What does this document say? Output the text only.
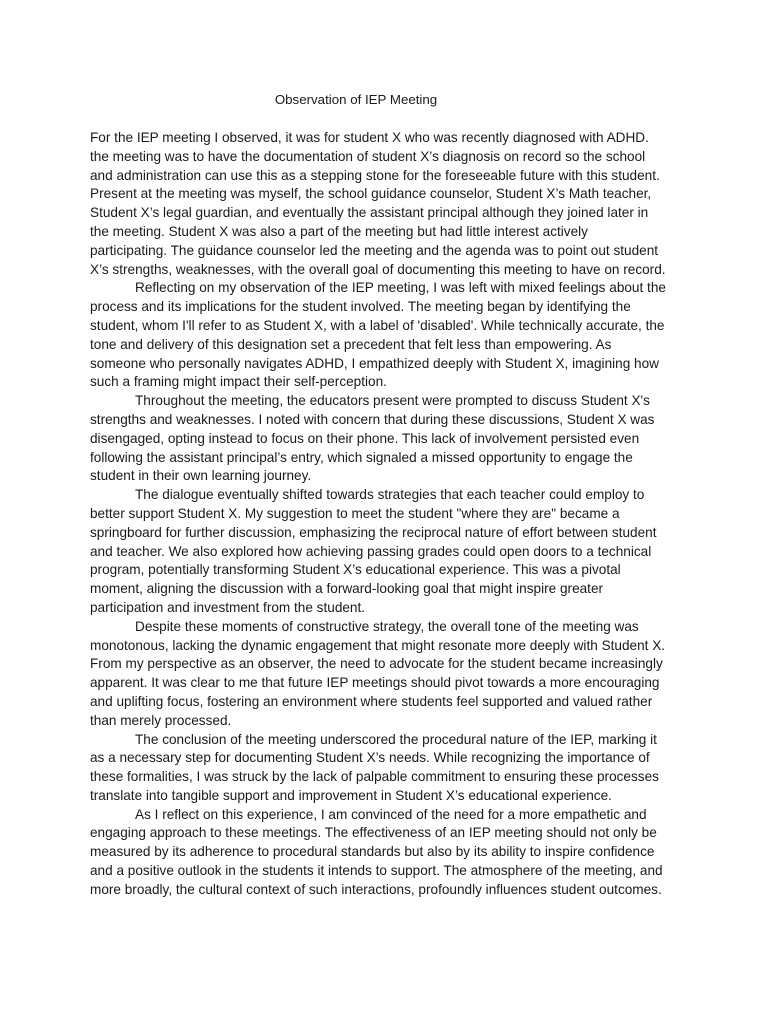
Observation of IEP Meeting
For the IEP meeting I observed, it was for student X who was recently diagnosed with ADHD.
the meeting was to have the documentation of student X’s diagnosis on record so the school
and administration can use this as a stepping stone for the foreseeable future with this student.
Present at the meeting was myself, the school guidance counselor, Student X’s Math teacher,
Student X’s legal guardian, and eventually the assistant principal although they joined later in
the meeting. Student X was also a part of the meeting but had little interest actively
participating. The guidance counselor led the meeting and the agenda was to point out student
X’s strengths, weaknesses, with the overall goal of documenting this meeting to have on record.
Reflecting on my observation of the IEP meeting, I was left with mixed feelings about the
process and its implications for the student involved. The meeting began by identifying the
student, whom I'll refer to as Student X, with a label of 'disabled'. While technically accurate, the
tone and delivery of this designation set a precedent that felt less than empowering. As
someone who personally navigates ADHD, I empathized deeply with Student X, imagining how
such a framing might impact their self-perception.
Throughout the meeting, the educators present were prompted to discuss Student X's
strengths and weaknesses. I noted with concern that during these discussions, Student X was
disengaged, opting instead to focus on their phone. This lack of involvement persisted even
following the assistant principal’s entry, which signaled a missed opportunity to engage the
student in their own learning journey.
The dialogue eventually shifted towards strategies that each teacher could employ to
better support Student X. My suggestion to meet the student "where they are" became a
springboard for further discussion, emphasizing the reciprocal nature of effort between student
and teacher. We also explored how achieving passing grades could open doors to a technical
program, potentially transforming Student X’s educational experience. This was a pivotal
moment, aligning the discussion with a forward-looking goal that might inspire greater
participation and investment from the student.
Despite these moments of constructive strategy, the overall tone of the meeting was
monotonous, lacking the dynamic engagement that might resonate more deeply with Student X.
From my perspective as an observer, the need to advocate for the student became increasingly
apparent. It was clear to me that future IEP meetings should pivot towards a more encouraging
and uplifting focus, fostering an environment where students feel supported and valued rather
than merely processed.
The conclusion of the meeting underscored the procedural nature of the IEP, marking it
as a necessary step for documenting Student X’s needs. While recognizing the importance of
these formalities, I was struck by the lack of palpable commitment to ensuring these processes
translate into tangible support and improvement in Student X’s educational experience.
As I reflect on this experience, I am convinced of the need for a more empathetic and
engaging approach to these meetings. The effectiveness of an IEP meeting should not only be
measured by its adherence to procedural standards but also by its ability to inspire confidence
and a positive outlook in the students it intends to support. The atmosphere of the meeting, and
more broadly, the cultural context of such interactions, profoundly influences student outcomes.
